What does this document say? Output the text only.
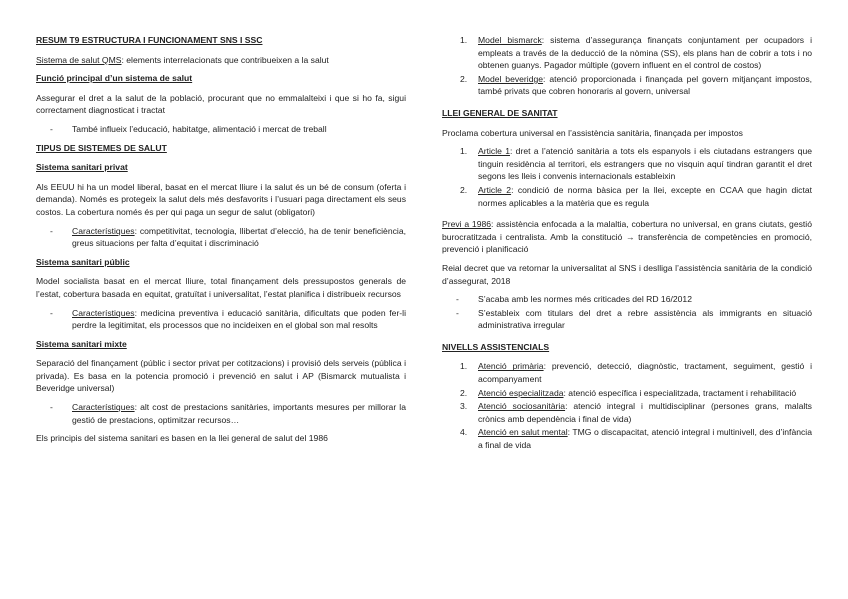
RESUM T9 ESTRUCTURA I FUNCIONAMENT SNS I SSC

Sistema de salut QMS: elements interrelacionats que contribueixen a la salut

Funció principal d’un sistema de salut

Assegurar el dret a la salut de la població, procurant que no emmalalteixi i que si ho fa, sigui correctament diagnosticat i tractat

-	També influeix l’educació, habitatge, alimentació i mercat de treball

TIPUS DE SISTEMES DE SALUT

Sistema sanitari privat

Als EEUU hi ha un model liberal, basat en el mercat lliure i la salut és un bé de consum (oferta i demanda). Només es protegeix la salut dels més desfavorits i l’usuari paga directament els seus costos. La cobertura només és per qui paga un segur de salut (obligatori)

-	Característiques: competitivitat, tecnologia, llibertat d’elecció, ha de tenir beneficiència, greus situacions per falta d’equitat i discriminació

Sistema sanitari públic

Model socialista basat en el mercat lliure, total finançament dels pressupostos generals de l’estat, cobertura basada en equitat, gratuïtat i universalitat, l’estat planifica i distribueix recursos

-	Característiques: medicina preventiva i educació sanitària, dificultats que poden fer-li perdre la legitimitat, els processos que no incideixen en el global son mal resolts

Sistema sanitari mixte

Separació del finançament (públic i sector privat per cotitzacions) i provisió dels serveis (pública i privada). Es basa en la potencia promoció i prevenció en salut i AP (Bismarck mutualista i Beveridge universal)

-	Característiques: alt cost de prestacions sanitàries, importants mesures per millorar la gestió de prestacions, optimitzar recursos…

Els principis del sistema sanitari es basen en la llei general de salut del 1986

1.	Model bismarck: sistema d’assegurança finançats conjuntament per ocupadors i empleats a través de la deducció de la nòmina (SS), els plans han de cobrir a tots i no obtenen guanys. Pagador múltiple (govern influent en el control de costos)
2.	Model beveridge: atenció proporcionada i finançada pel govern mitjançant impostos, també privats que cobren honoraris al govern, universal

LLEI GENERAL DE SANITAT

Proclama cobertura universal en l’assistència sanitària, finançada per impostos

1.	Article 1: dret a l’atenció sanitària a tots els espanyols i els ciutadans estrangers que tinguin residència al territori, els estrangers que no visquin aquí tindran garantit el dret segons les lleis i convenis internacionals estableixin
2.	Article 2: condició de norma bàsica per la llei, excepte en CCAA que hagin dictat normes aplicables a la matèria que es regula

Previ a 1986: assistència enfocada a la malaltia, cobertura no universal, en grans ciutats, gestió burocratitzada i centralista. Amb la constitució → transferència de competències en promoció, prevenció i planificació

Reial decret que va retornar la universalitat al SNS i deslliga l’assistència sanitària de la condició d’assegurat, 2018

-	S’acaba amb les normes més criticades del RD 16/2012
-	S’estableix com titulars del dret a rebre assistència als immigrants en situació administrativa irregular

NIVELLS ASSISTENCIALS

1.	Atenció primària: prevenció, detecció, diagnòstic, tractament, seguiment, gestió i acompanyament
2.	Atenció especialitzada: atenció específica i especialitzada, tractament i rehabilitació
3.	Atenció sociosanitària: atenció integral i multidisciplinar (persones grans, malalts crònics amb dependència i final de vida)
4.	Atenció en salut mental: TMG o discapacitat, atenció integral i multinivell, des d’infància a final de vida
